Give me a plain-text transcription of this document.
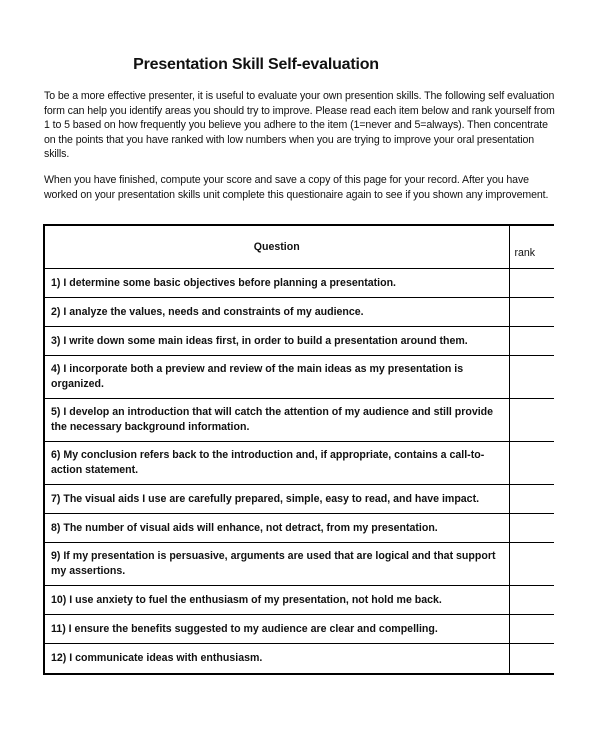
Presentation Skill Self-evaluation
To be a more effective presenter, it is useful to evaluate your own presention skills. The following self evaluation form can help you identify areas you should try to improve. Please read each item below and rank yourself from 1 to 5 based on how frequently you believe you adhere to the item (1=never and 5=always). Then concentrate on the points that you have ranked with low numbers when you are trying to improve your oral presentation skills.
When you have finished, compute your score and save a copy of this page for your record. After you have worked on your presentation skills unit complete this questionaire again to see if you shown any improvement.
Question	rank
1) I determine some basic objectives before planning a presentation.	
2) I analyze the values, needs and constraints of my audience.	
3) I write down some main ideas first, in order to build a presentation around them.	
4) I incorporate both a preview and review of the main ideas as my presentation is organized.	
5) I develop an introduction that will catch the attention of my audience and still provide the necessary background information.	
6) My conclusion refers back to the introduction and, if appropriate, contains a call-to-action statement.	
7) The visual aids I use are carefully prepared, simple, easy to read, and have impact.	
8) The number of visual aids will enhance, not detract, from my presentation.	
9) If my presentation is persuasive, arguments are used that are logical and that support my assertions.	
10) I use anxiety to fuel the enthusiasm of my presentation, not hold me back.	
11) I ensure the benefits suggested to my audience are clear and compelling.	
12) I communicate ideas with enthusiasm.	
